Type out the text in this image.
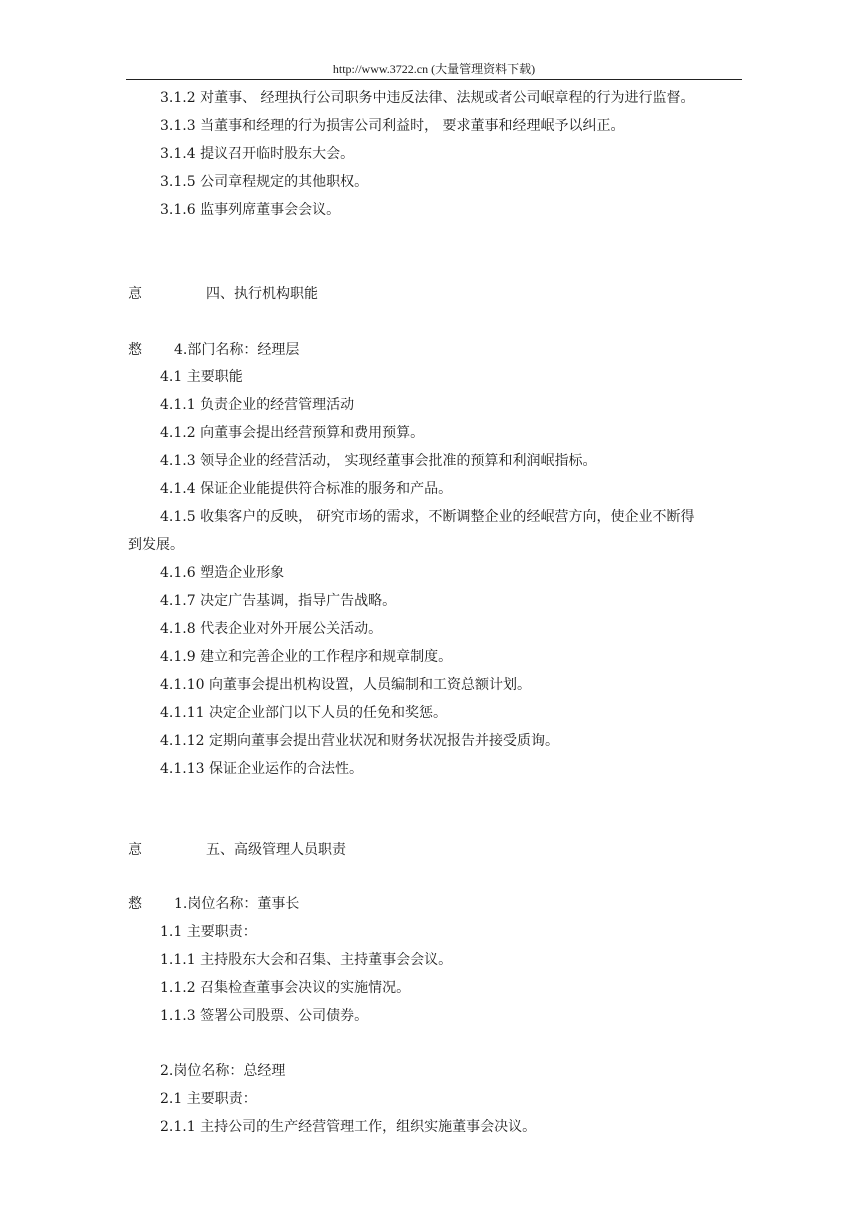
http://www.3722.cn (大量管理资料下载)
3.1.2 对董事、 经理执行公司职务中违反法律、法规或者公司岷章程的行为进行监督。
3.1.3 当董事和经理的行为损害公司利益时， 要求董事和经理岷予以纠正。
3.1.4 提议召开临时股东大会。
3.1.5 公司章程规定的其他职权。
3.1.6 监事列席董事会会议。
悥	四、执行机构职能
慦 4.部门名称：经理层
4.1 主要职能
4.1.1 负责企业的经营管理活动
4.1.2 向董事会提出经营预算和费用预算。
4.1.3 领导企业的经营活动， 实现经董事会批准的预算和利润岷指标。
4.1.4 保证企业能提供符合标准的服务和产品。
4.1.5 收集客户的反映， 研究市场的需求，不断调整企业的经岷营方向，使企业不断得
到发展。
4.1.6 塑造企业形象
4.1.7 决定广告基调，指导广告战略。
4.1.8 代表企业对外开展公关活动。
4.1.9 建立和完善企业的工作程序和规章制度。
4.1.10 向董事会提出机构设置，人员编制和工资总额计划。
4.1.11 决定企业部门以下人员的任免和奖惩。
4.1.12 定期向董事会提出营业状况和财务状况报告并接受质询。
4.1.13 保证企业运作的合法性。
悥	五、高级管理人员职责
慦 1.岗位名称：董事长
1.1 主要职责：
1.1.1 主持股东大会和召集、主持董事会会议。
1.1.2 召集检查董事会决议的实施情况。
1.1.3 签署公司股票、公司债券。
2.岗位名称：总经理
2.1 主要职责：
2.1.1 主持公司的生产经营管理工作，组织实施董事会决议。
